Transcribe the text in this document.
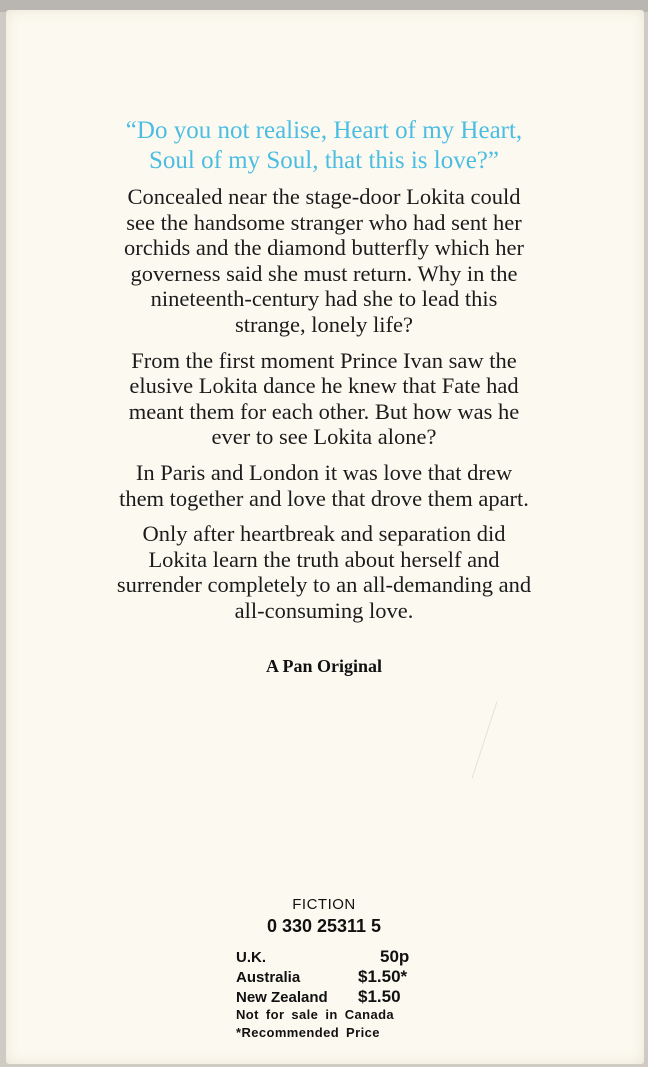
“Do you not realise, Heart of my Heart,
Soul of my Soul, that this is love?”
Concealed near the stage-door Lokita could
see the handsome stranger who had sent her
orchids and the diamond butterfly which her
governess said she must return. Why in the
nineteenth-century had she to lead this
strange, lonely life?
From the first moment Prince Ivan saw the
elusive Lokita dance he knew that Fate had
meant them for each other. But how was he
ever to see Lokita alone?
In Paris and London it was love that drew
them together and love that drove them apart.
Only after heartbreak and separation did
Lokita learn the truth about herself and
surrender completely to an all-demanding and
all-consuming love.
A Pan Original
FICTION
0 330 25311 5
U.K.	50p
Australia	$1.50*
New Zealand $1.50
Not for sale in Canada
*Recommended Price
